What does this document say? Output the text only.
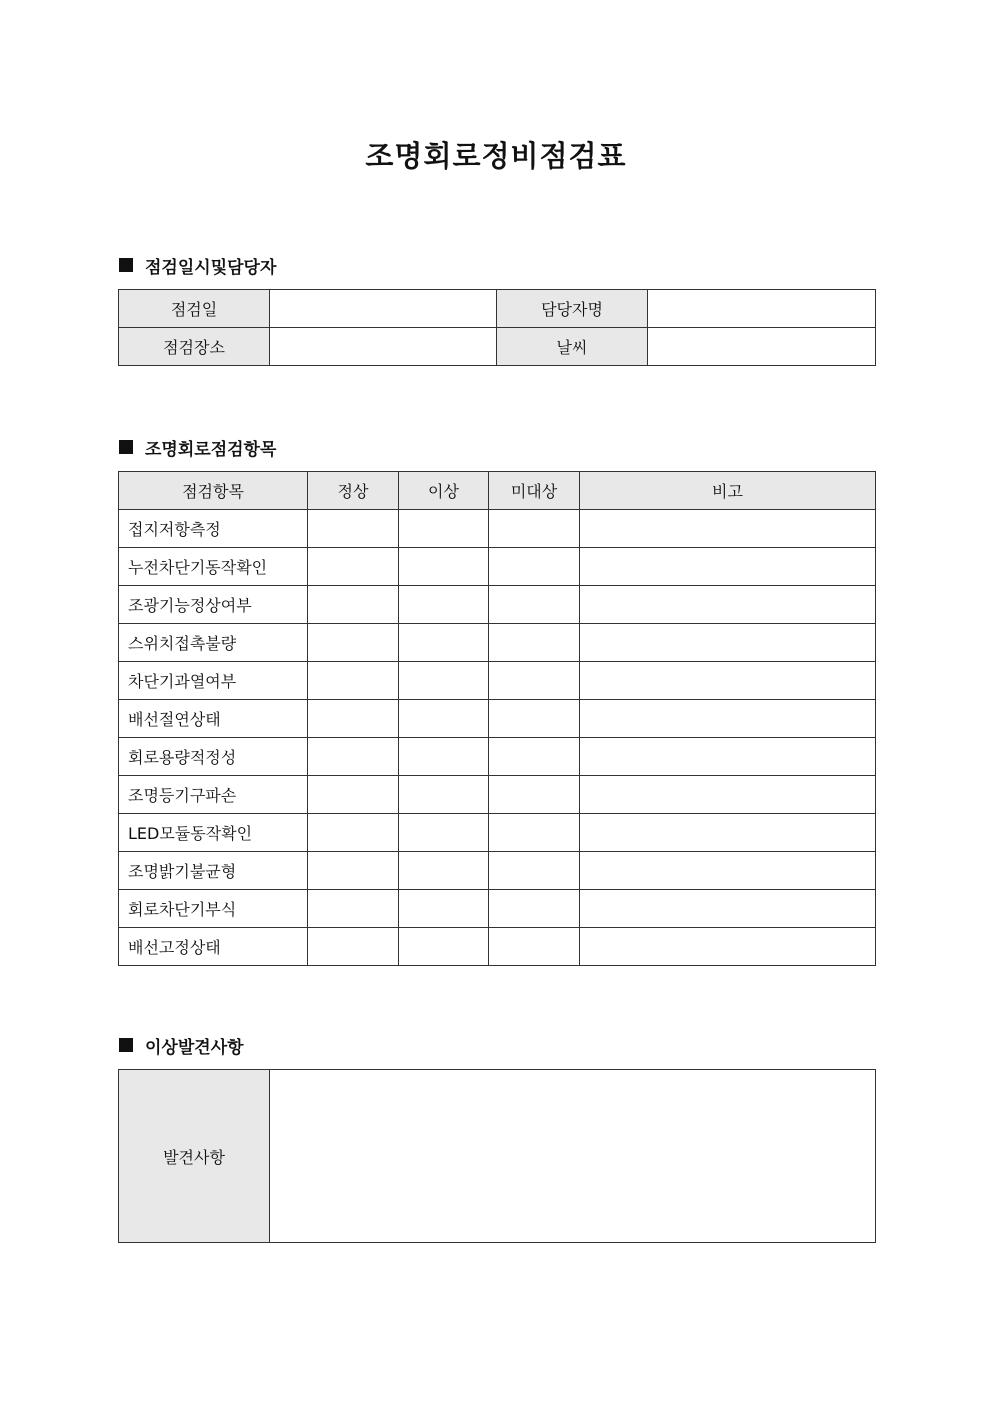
조명회로정비점검표
점검일시및담당자
점검일		담당자명	
점검장소		날씨	
조명회로점검항목
점검항목	정상	이상	미대상	비고
접지저항측정				
누전차단기동작확인				
조광기능정상여부				
스위치접촉불량				
차단기과열여부				
배선절연상태				
회로용량적정성				
조명등기구파손				
LED모듈동작확인				
조명밝기불균형				
회로차단기부식				
배선고정상태				
이상발견사항
발견사항	
